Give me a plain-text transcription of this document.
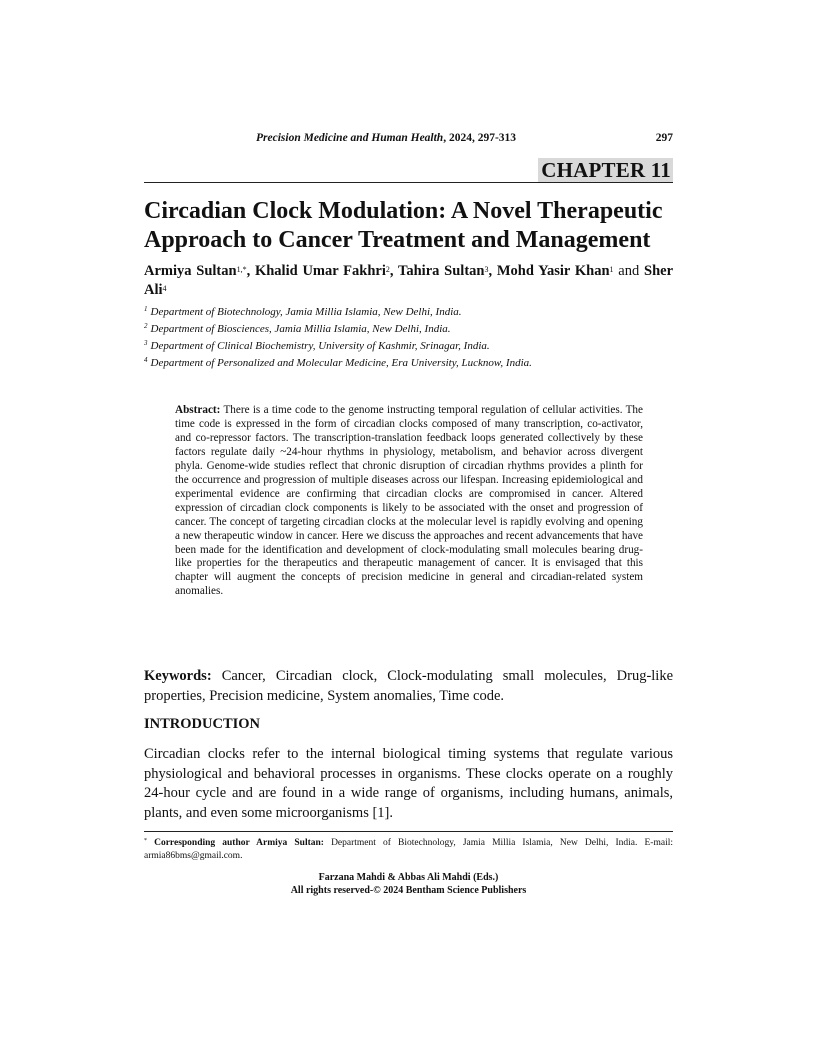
Precision Medicine and Human Health, 2024, 297-313	297
CHAPTER 11
Circadian Clock Modulation: A Novel Therapeutic Approach to Cancer Treatment and Management

Armiya Sultan$^{1,*}$, Khalid Umar Fakhri$^2$, Tahira Sultan$^3$, Mohd Yasir Khan$^1$ and Sher Ali$^4$

$^1$ Department of Biotechnology, Jamia Millia Islamia, New Delhi, India.
$^2$ Department of Biosciences, Jamia Millia Islamia, New Delhi, India.
$^3$ Department of Clinical Biochemistry, University of Kashmir, Srinagar, India.
$^4$ Department of Personalized and Molecular Medicine, Era University, Lucknow, India.

Abstract: There is a time code to the genome instructing temporal regulation of cellular activities. The time code is expressed in the form of circadian clocks composed of many transcription, co-activator, and co-repressor factors. The transcription-translation feedback loops generated collectively by these factors regulate daily ~24-hour rhythms in physiology, metabolism, and behavior across divergent phyla. Genome-wide studies reflect that chronic disruption of circadian rhythms provides a plinth for the occurrence and progression of multiple diseases across our lifespan. Increasing epidemiological and experimental evidence are confirming that circadian clocks are compromised in cancer. Altered expression of circadian clock components is likely to be associated with the onset and progression of cancer. The concept of targeting circadian clocks at the molecular level is rapidly evolving and opening a new therapeutic window in cancer. Here we discuss the approaches and recent advancements that have been made for the identification and development of clock-modulating small molecules bearing drug-like properties for the therapeutics and therapeutic management of cancer. It is envisaged that this chapter will augment the concepts of precision medicine in general and circadian-related system anomalies.

Keywords: Cancer, Circadian clock, Clock-modulating small molecules, Drug-like properties, Precision medicine, System anomalies, Time code.

INTRODUCTION

Circadian clocks refer to the internal biological timing systems that regulate various physiological and behavioral processes in organisms. These clocks operate on a roughly 24-hour cycle and are found in a wide range of organisms, including humans, animals, plants, and even some microorganisms [1].

* Corresponding author Armiya Sultan: Department of Biotechnology, Jamia Millia Islamia, New Delhi, India. E-mail: armia86bms@gmail.com.
Farzana Mahdi & Abbas Ali Mahdi (Eds.)
All rights reserved-© 2024 Bentham Science Publishers
